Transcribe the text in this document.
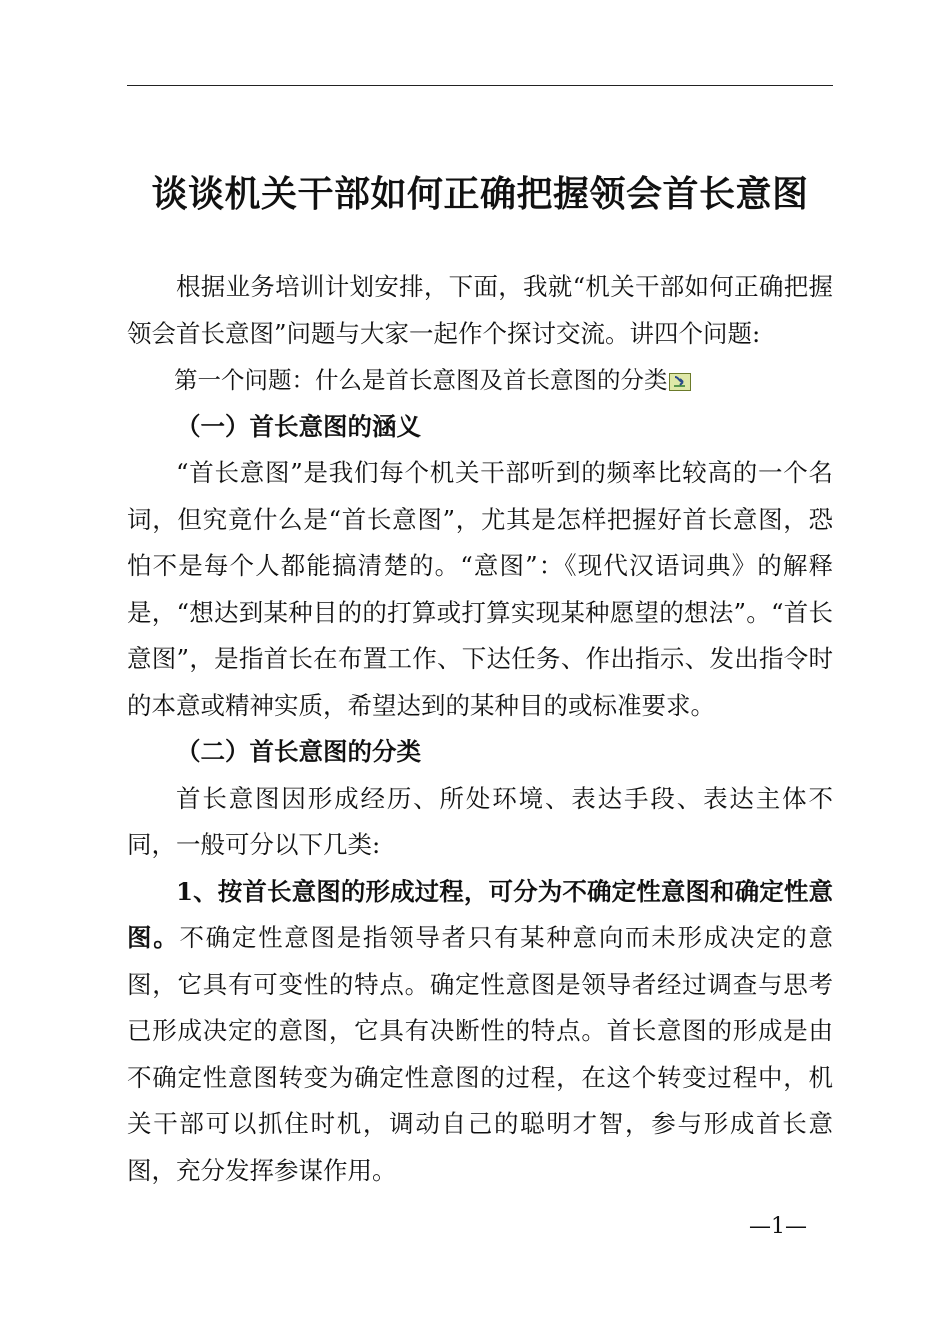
谈谈机关干部如何正确把握领会首长意图

根据业务培训计划安排，下面，我就“机关干部如何正确把握领会首长意图”问题与大家一起作个探讨交流。讲四个问题:

第一个问题：什么是首长意图及首长意图的分类

（一）首长意图的涵义

“首长意图”是我们每个机关干部听到的频率比较高的一个名词，但究竟什么是“首长意图”，尤其是怎样把握好首长意图，恐怕不是每个人都能搞清楚的。“意图”：《现代汉语词典》的解释是，“想达到某种目的的打算或打算实现某种愿望的想法”。“首长意图”，是指首长在布置工作、下达任务、作出指示、发出指令时的本意或精神实质，希望达到的某种目的或标准要求。

（二）首长意图的分类

首长意图因形成经历、所处环境、表达手段、表达主体不同，一般可分以下几类:

1、按首长意图的形成过程，可分为不确定性意图和确定性意图。不确定性意图是指领导者只有某种意向而未形成决定的意图，它具有可变性的特点。确定性意图是领导者经过调查与思考已形成决定的意图，它具有决断性的特点。首长意图的形成是由不确定性意图转变为确定性意图的过程，在这个转变过程中，机关干部可以抓住时机，调动自己的聪明才智，参与形成首长意图，充分发挥参谋作用。

—1—
